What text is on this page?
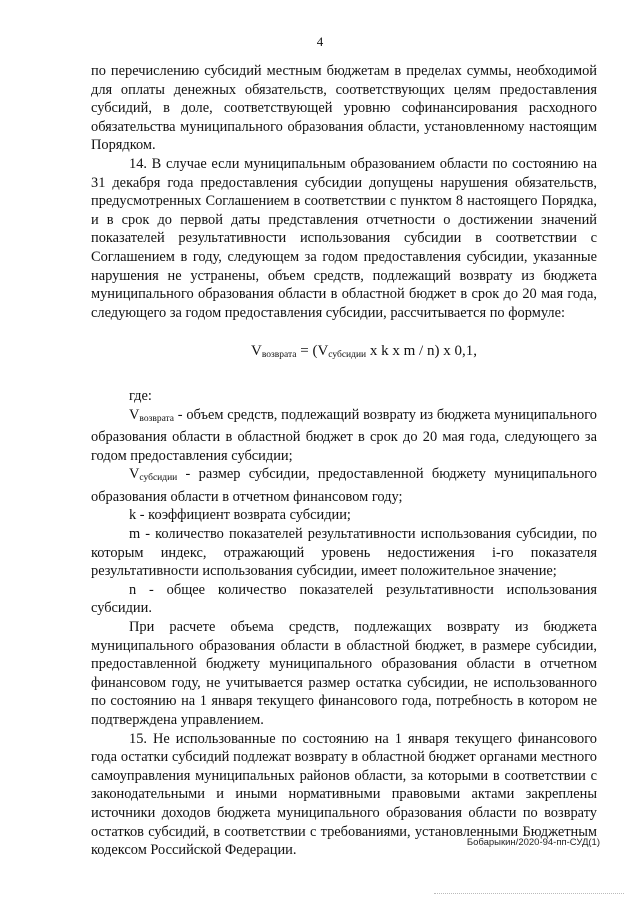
4

по перечислению субсидий местным бюджетам в пределах суммы, необходимой для оплаты денежных обязательств, соответствующих целям предоставления субсидий, в доле, соответствующей уровню софинансирования расходного обязательства муниципального образования области, установленному настоящим Порядком.

14. В случае если муниципальным образованием области по состоянию на 31 декабря года предоставления субсидии допущены нарушения обязательств, предусмотренных Соглашением в соответствии с пунктом 8 настоящего Порядка, и в срок до первой даты представления отчетности о достижении значений показателей результативности использования субсидии в соответствии с Соглашением в году, следующем за годом предоставления субсидии, указанные нарушения не устранены, объем средств, подлежащий возврату из бюджета муниципального образования области в областной бюджет в срок до 20 мая года, следующего за годом предоставления субсидии, рассчитывается по формуле:

$V_{возврата} = (V_{субсидии}$ x k x m / n) x 0,1,

где:

$V_{возврата}$ - объем средств, подлежащий возврату из бюджета муниципального образования области в областной бюджет в срок до 20 мая года, следующего за годом предоставления субсидии;

$V_{субсидии}$ - размер субсидии, предоставленной бюджету муниципального образования области в отчетном финансовом году;

k - коэффициент возврата субсидии;

m - количество показателей результативности использования субсидии, по которым индекс, отражающий уровень недостижения i-го показателя результативности использования субсидии, имеет положительное значение;

n - общее количество показателей результативности использования субсидии.

При расчете объема средств, подлежащих возврату из бюджета муниципального образования области в областной бюджет, в размере субсидии, предоставленной бюджету муниципального образования области в отчетном финансовом году, не учитывается размер остатка субсидии, не использованного по состоянию на 1 января текущего финансового года, потребность в котором не подтверждена управлением.

15. Не использованные по состоянию на 1 января текущего финансового года остатки субсидий подлежат возврату в областной бюджет органами местного самоуправления муниципальных районов области, за которыми в соответствии с законодательными и иными нормативными правовыми актами закреплены источники доходов бюджета муниципального образования области по возврату остатков субсидий, в соответствии с требованиями, установленными Бюджетным кодексом Российской Федерации.	Бобарыкин/2020-94-пп-СУД(1)
